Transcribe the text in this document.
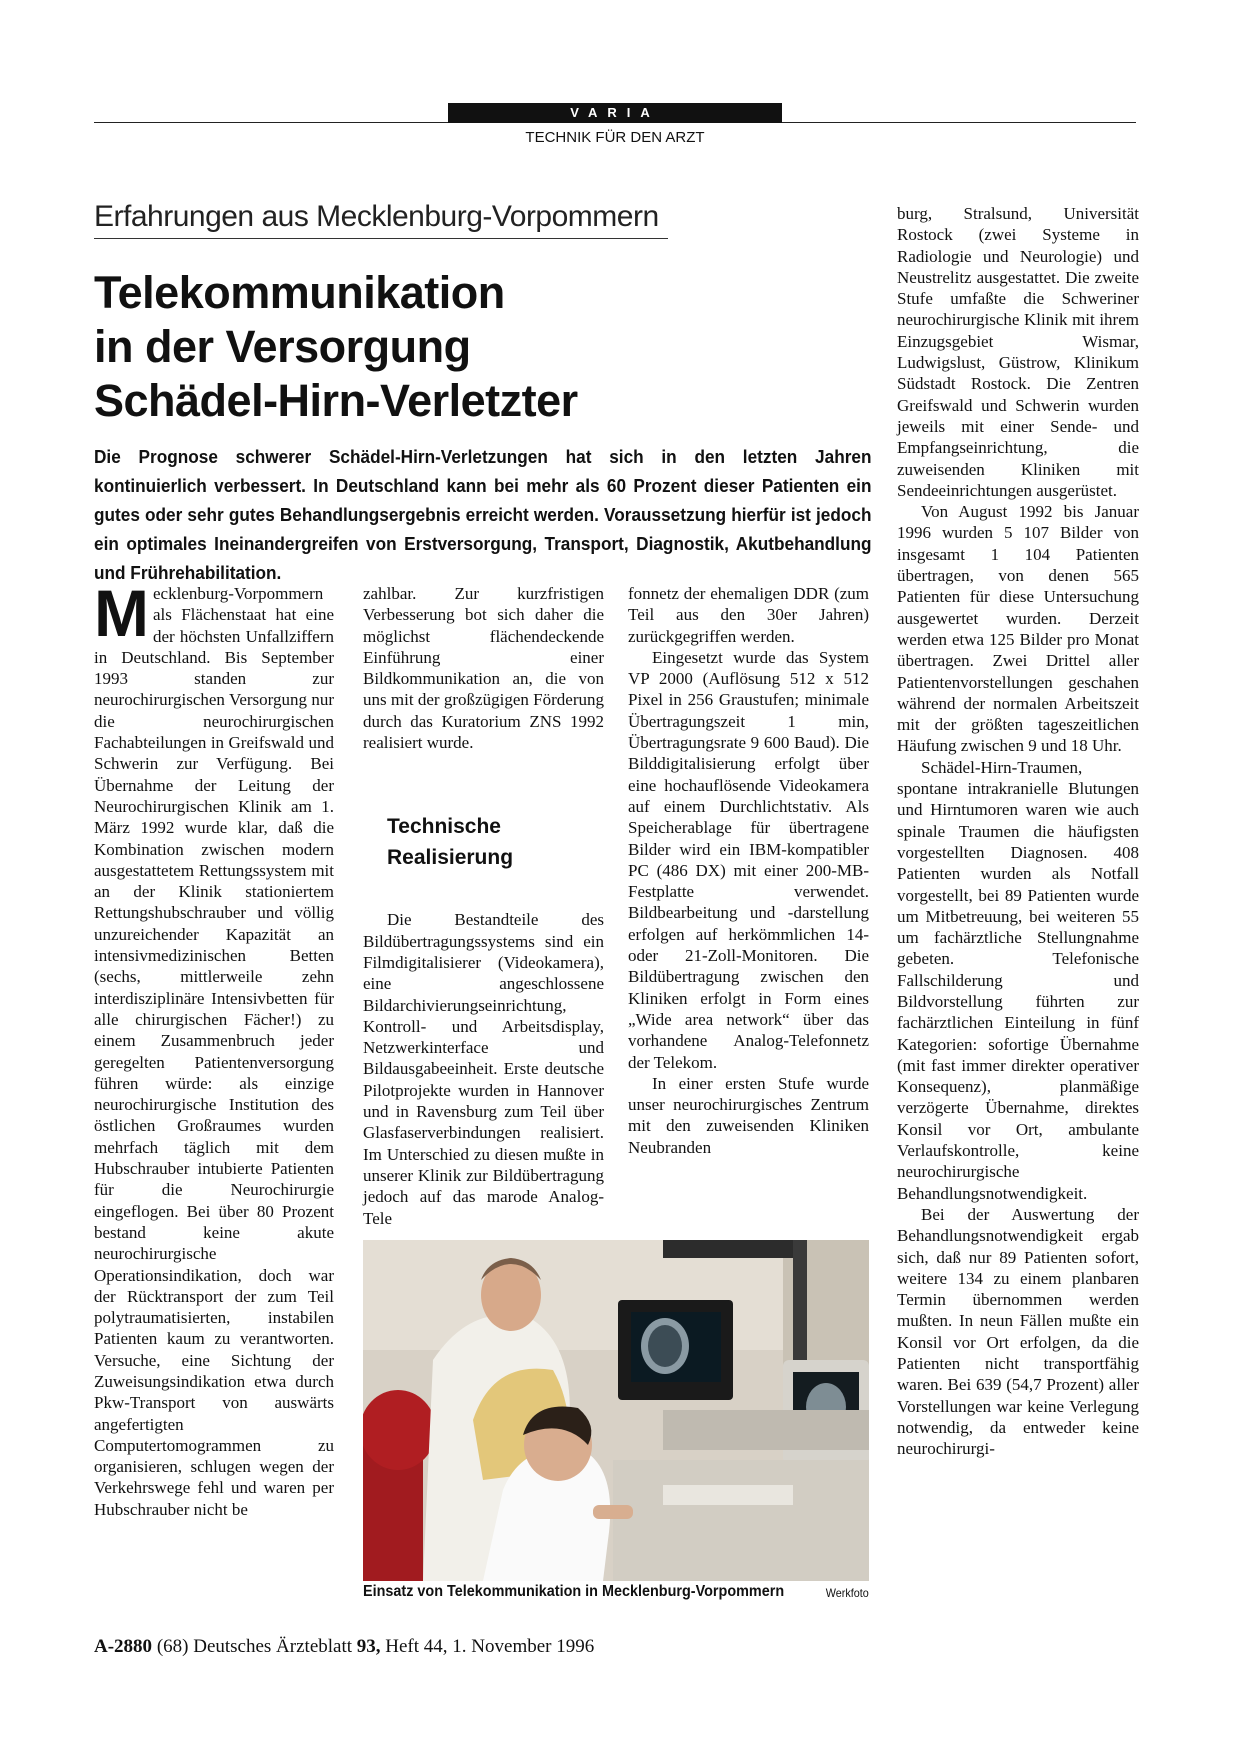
VARIA
TECHNIK FÜR DEN ARZT
Erfahrungen aus Mecklenburg-Vorpommern
Telekommunikation
in der Versorgung
Schädel-Hirn-Verletzter

Die Prognose schwerer Schädel-Hirn-Verletzungen hat sich in den letzten Jahren kontinuierlich verbessert. In Deutschland kann bei mehr als 60 Prozent dieser Patienten ein gutes oder sehr gutes Behandlungsergebnis erreicht werden. Voraussetzung hierfür ist jedoch ein optimales Ineinandergreifen von Erstversorgung, Transport, Diagnostik, Akutbehandlung und Frührehabilitation.

Mecklenburg-Vorpommern als Flächenstaat hat eine der höchsten Unfallziffern in Deutschland. Bis September 1993 standen zur neurochirurgischen Versorgung nur die neurochirurgischen Fachabteilungen in Greifswald und Schwerin zur Verfügung. Bei Übernahme der Leitung der Neurochirurgischen Klinik am 1. März 1992 wurde klar, daß die Kombination zwischen modern ausgestattetem Rettungssystem mit an der Klinik stationiertem Rettungshubschrauber und völlig unzureichender Kapazität an intensivmedizinischen Betten (sechs, mittlerweile zehn interdisziplinäre Intensivbetten für alle chirurgischen Fächer!) zu einem Zusammenbruch jeder geregelten Patientenversorgung führen würde: als einzige neurochirurgische Institution des östlichen Großraumes wurden mehrfach täglich mit dem Hubschrauber intubierte Patienten für die Neurochirurgie eingeflogen. Bei über 80 Prozent bestand keine akute neurochirurgische Operationsindikation, doch war der Rücktransport der zum Teil polytraumatisierten, instabilen Patienten kaum zu verantworten. Versuche, eine Sichtung der Zuweisungsindikation etwa durch Pkw-Transport von auswärts angefertigten Computertomogrammen zu organisieren, schlugen wegen der Verkehrswege fehl und waren per Hubschrauber nicht be

zahlbar. Zur kurzfristigen Verbesserung bot sich daher die möglichst flächendeckende Einführung einer Bildkommunikation an, die von uns mit der großzügigen Förderung durch das Kuratorium ZNS 1992 realisiert wurde.

Technische Realisierung

Die Bestandteile des Bildübertragungssystems sind ein Filmdigitalisierer (Videokamera), eine angeschlossene Bildarchivierungseinrichtung, Kontroll- und Arbeitsdisplay, Netzwerkinterface und Bildausgabeeinheit. Erste deutsche Pilotprojekte wurden in Hannover und in Ravensburg zum Teil über Glasfaserverbindungen realisiert. Im Unterschied zu diesen mußte in unserer Klinik zur Bildübertragung jedoch auf das marode Analog-Tele

fonnetz der ehemaligen DDR (zum Teil aus den 30er Jahren) zurückgegriffen werden.

Eingesetzt wurde das System VP 2000 (Auflösung 512 x 512 Pixel in 256 Graustufen; minimale Übertragungszeit 1 min, Übertragungsrate 9 600 Baud). Die Bilddigitalisierung erfolgt über eine hochauflösende Videokamera auf einem Durchlichtstativ. Als Speicherablage für übertragene Bilder wird ein IBM-kompatibler PC (486 DX) mit einer 200-MB-Festplatte verwendet. Bildbearbeitung und -darstellung erfolgen auf herkömmlichen 14- oder 21-Zoll-Monitoren. Die Bildübertragung zwischen den Kliniken erfolgt in Form eines „Wide area network“ über das vorhandene Analog-Telefonnetz der Telekom.

In einer ersten Stufe wurde unser neurochirurgisches Zentrum mit den zuweisenden Kliniken Neubranden

burg, Stralsund, Universität Rostock (zwei Systeme in Radiologie und Neurologie) und Neustrelitz ausgestattet. Die zweite Stufe umfaßte die Schweriner neurochirurgische Klinik mit ihrem Einzugsgebiet Wismar, Ludwigslust, Güstrow, Klinikum Südstadt Rostock. Die Zentren Greifswald und Schwerin wurden jeweils mit einer Sende- und Empfangseinrichtung, die zuweisenden Kliniken mit Sendeeinrichtungen ausgerüstet.

Von August 1992 bis Januar 1996 wurden 5 107 Bilder von insgesamt 1 104 Patienten übertragen, von denen 565 Patienten für diese Untersuchung ausgewertet wurden. Derzeit werden etwa 125 Bilder pro Monat übertragen. Zwei Drittel aller Patientenvorstellungen geschahen während der normalen Arbeitszeit mit der größten tageszeitlichen Häufung zwischen 9 und 18 Uhr.

Schädel-Hirn-Traumen, spontane intrakranielle Blutungen und Hirntumoren waren wie auch spinale Traumen die häufigsten vorgestellten Diagnosen. 408 Patienten wurden als Notfall vorgestellt, bei 89 Patienten wurde um Mitbetreuung, bei weiteren 55 um fachärztliche Stellungnahme gebeten. Telefonische Fallschilderung und Bildvorstellung führten zur fachärztlichen Einteilung in fünf Kategorien: sofortige Übernahme (mit fast immer direkter operativer Konsequenz), planmäßige verzögerte Übernahme, direktes Konsil vor Ort, ambulante Verlaufskontrolle, keine neurochirurgische Behandlungsnotwendigkeit.

Bei der Auswertung der Behandlungsnotwendigkeit ergab sich, daß nur 89 Patienten sofort, weitere 134 zu einem planbaren Termin übernommen werden mußten. In neun Fällen mußte ein Konsil vor Ort erfolgen, da die Patienten nicht transportfähig waren. Bei 639 (54,7 Prozent) aller Vorstellungen war keine Verlegung notwendig, da entweder keine neurochirurgi-

Einsatz von Telekommunikation in Mecklenburg-Vorpommern	Werkfoto
A-2880 (68) Deutsches Ärzteblatt 93, Heft 44, 1. November 1996
